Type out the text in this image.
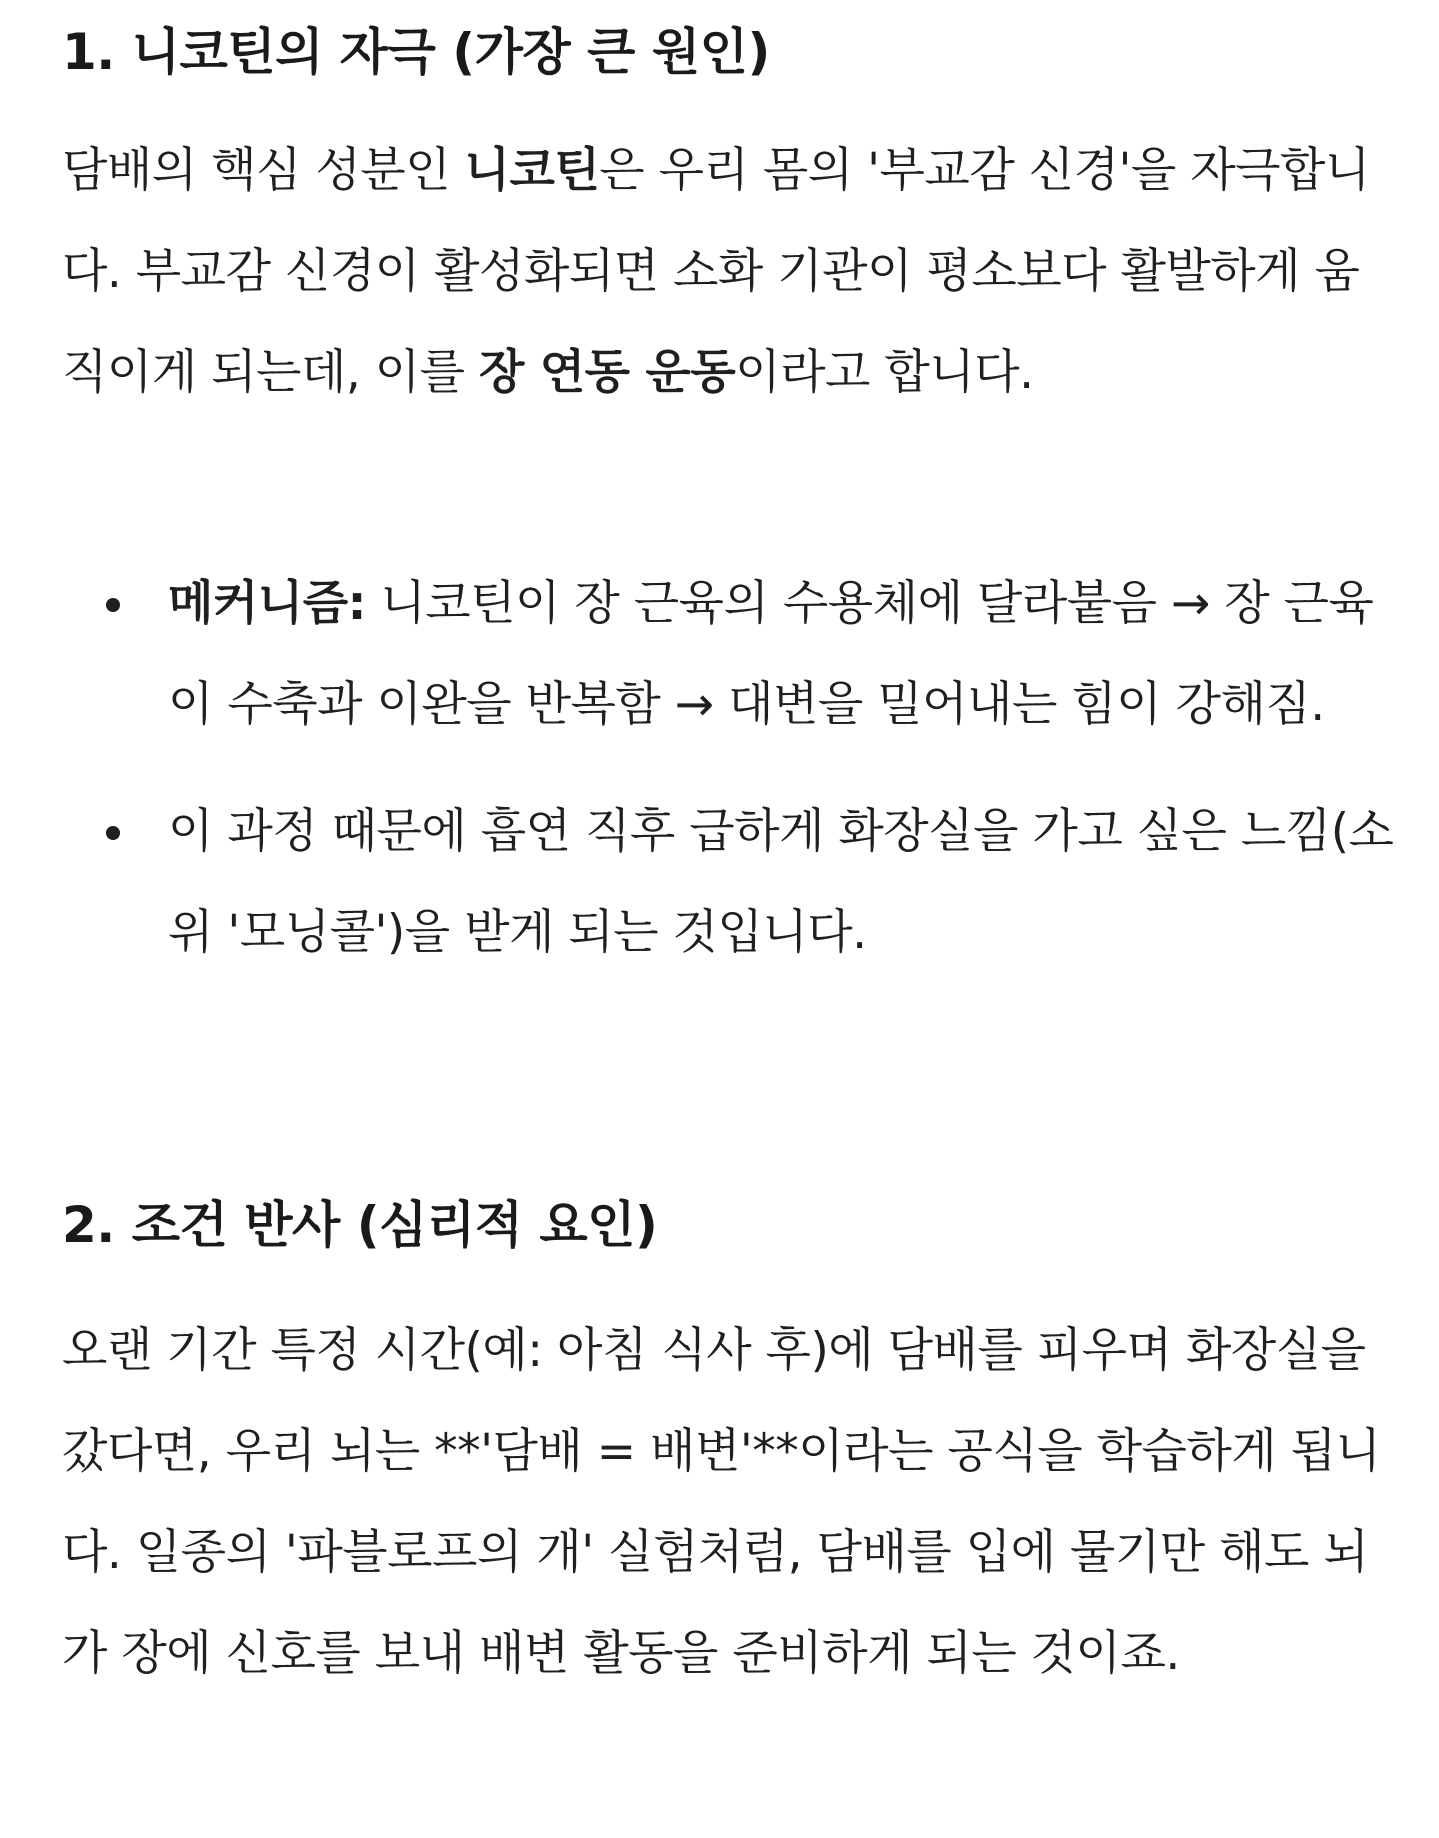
1. 니코틴의 자극 (가장 큰 원인)

담배의 핵심 성분인 니코틴은 우리 몸의 '부교감 신경'을 자극합니다. 부교감 신경이 활성화되면 소화 기관이 평소보다 활발하게 움직이게 되는데, 이를 장 연동 운동이라고 합니다.

메커니즘: 니코틴이 장 근육의 수용체에 달라붙음 → 장 근육이 수축과 이완을 반복함 → 대변을 밀어내는 힘이 강해짐.
이 과정 때문에 흡연 직후 급하게 화장실을 가고 싶은 느낌(소위 '모닝콜')을 받게 되는 것입니다.
2. 조건 반사 (심리적 요인)

오랜 기간 특정 시간(예: 아침 식사 후)에 담배를 피우며 화장실을 갔다면, 우리 뇌는 **'담배 = 배변'**이라는 공식을 학습하게 됩니다. 일종의 '파블로프의 개' 실험처럼, 담배를 입에 물기만 해도 뇌가 장에 신호를 보내 배변 활동을 준비하게 되는 것이죠.
